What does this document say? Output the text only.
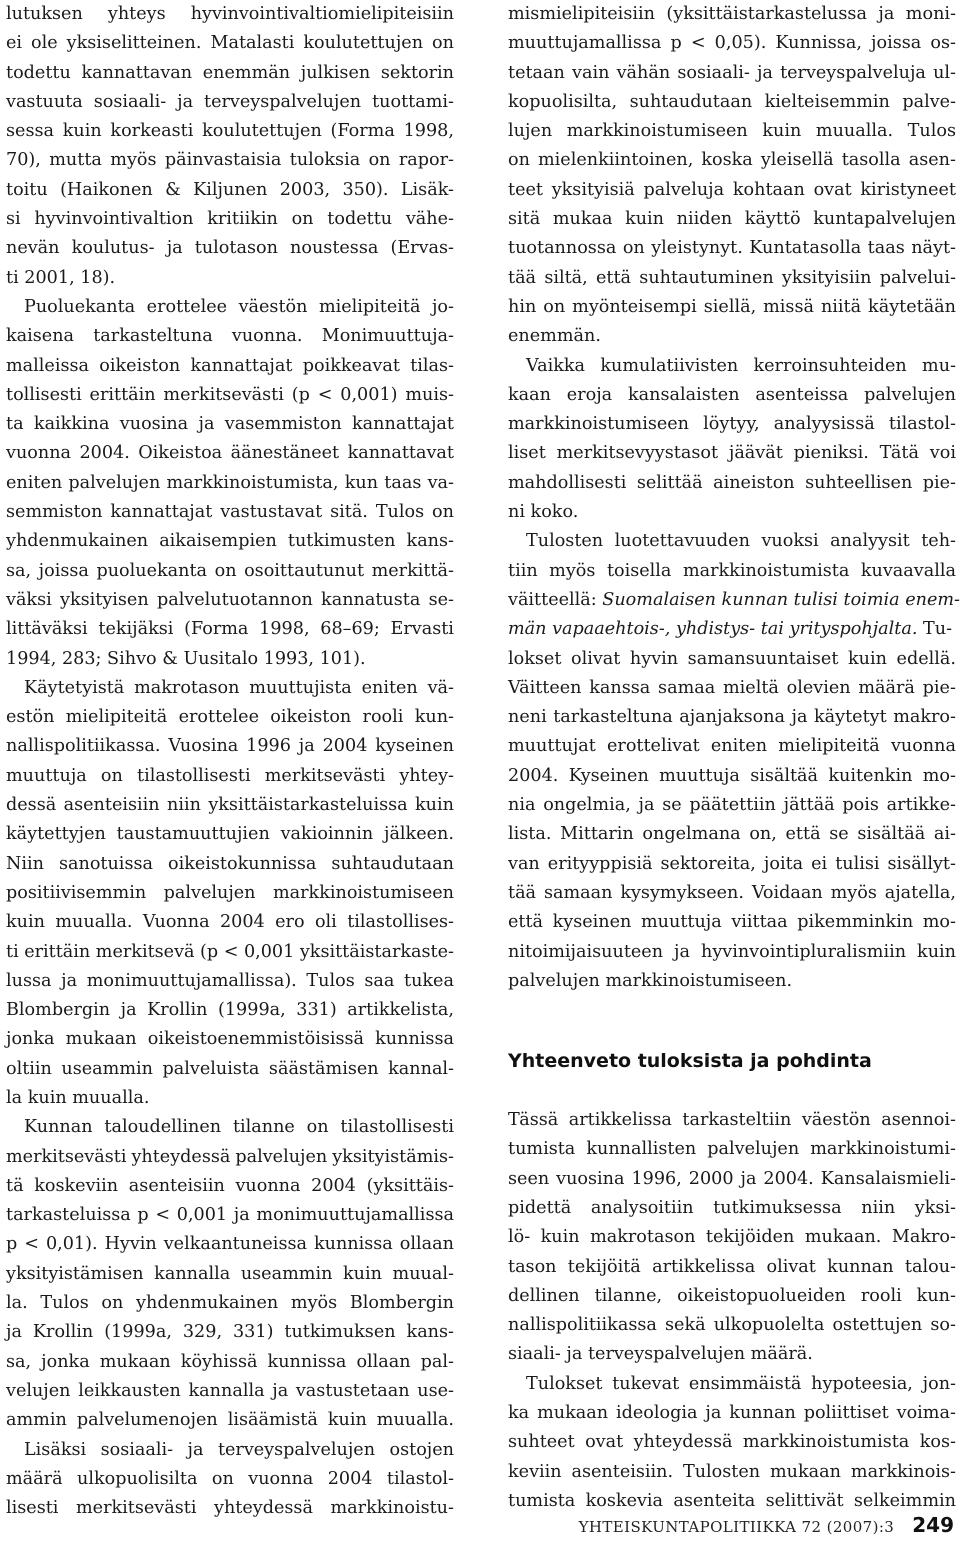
lutuksen yhteys hyvinvointivaltiomielipiteisiin
ei ole yksiselitteinen. Matalasti koulutettujen on
todettu kannattavan enemmän julkisen sektorin
vastuuta sosiaali- ja terveyspalvelujen tuottami-
sessa kuin korkeasti koulutettujen (Forma 1998,
70), mutta myös päinvastaisia tuloksia on rapor-
toitu (Haikonen & Kiljunen 2003, 350). Lisäk-
si hyvinvointivaltion kritiikin on todettu vähe-
nevän koulutus- ja tulotason noustessa (Ervas-
ti 2001, 18).
Puoluekanta erottelee väestön mielipiteitä jo-
kaisena tarkasteltuna vuonna. Monimuuttuja-
malleissa oikeiston kannattajat poikkeavat tilas-
tollisesti erittäin merkitsevästi (p < 0,001) muis-
ta kaikkina vuosina ja vasemmiston kannattajat
vuonna 2004. Oikeistoa äänestäneet kannattavat
eniten palvelujen markkinoistumista, kun taas va-
semmiston kannattajat vastustavat sitä. Tulos on
yhdenmukainen aikaisempien tutkimusten kans-
sa, joissa puoluekanta on osoittautunut merkittä-
väksi yksityisen palvelutuotannon kannatusta se-
littäväksi tekijäksi (Forma 1998, 68–69; Ervasti
1994, 283; Sihvo & Uusitalo 1993, 101).
Käytetyistä makrotason muuttujista eniten vä-
estön mielipiteitä erottelee oikeiston rooli kun-
nallispolitiikassa. Vuosina 1996 ja 2004 kyseinen
muuttuja on tilastollisesti merkitsevästi yhtey-
dessä asenteisiin niin yksittäistarkasteluissa kuin
käytettyjen taustamuuttujien vakioinnin jälkeen.
Niin sanotuissa oikeistokunnissa suhtaudutaan
positiivisemmin palvelujen markkinoistumiseen
kuin muualla. Vuonna 2004 ero oli tilastollises-
ti erittäin merkitsevä (p < 0,001 yksittäistarkaste-
lussa ja monimuuttujamallissa). Tulos saa tukea
Blombergin ja Krollin (1999a, 331) artikkelista,
jonka mukaan oikeistoenemmistöisissä kunnissa
oltiin useammin palveluista säästämisen kannal-
la kuin muualla.
Kunnan taloudellinen tilanne on tilastollisesti
merkitsevästi yhteydessä palvelujen yksityistämis-
tä koskeviin asenteisiin vuonna 2004 (yksittäis-
tarkasteluissa p < 0,001 ja monimuuttujamallissa
p < 0,01). Hyvin velkaantuneissa kunnissa ollaan
yksityistämisen kannalla useammin kuin muual-
la. Tulos on yhdenmukainen myös Blombergin
ja Krollin (1999a, 329, 331) tutkimuksen kans-
sa, jonka mukaan köyhissä kunnissa ollaan pal-
velujen leikkausten kannalla ja vastustetaan use-
ammin palvelumenojen lisäämistä kuin muualla.
Lisäksi sosiaali- ja terveyspalvelujen ostojen
määrä ulkopuolisilta on vuonna 2004 tilastol-
lisesti merkitsevästi yhteydessä markkinoistu-
mismielipiteisiin (yksittäistarkastelussa ja moni-
muuttujamallissa p < 0,05). Kunnissa, joissa os-
tetaan vain vähän sosiaali- ja terveyspalveluja ul-
kopuolisilta, suhtaudutaan kielteisemmin palve-
lujen markkinoistumiseen kuin muualla. Tulos
on mielenkiintoinen, koska yleisellä tasolla asen-
teet yksityisiä palveluja kohtaan ovat kiristyneet
sitä mukaa kuin niiden käyttö kuntapalvelujen
tuotannossa on yleistynyt. Kuntatasolla taas näyt-
tää siltä, että suhtautuminen yksityisiin palvelui-
hin on myönteisempi siellä, missä niitä käytetään
enemmän.
Vaikka kumulatiivisten kerroinsuhteiden mu-
kaan eroja kansalaisten asenteissa palvelujen
markkinoistumiseen löytyy, analyysissä tilastol-
liset merkitsevyystasot jäävät pieniksi. Tätä voi
mahdollisesti selittää aineiston suhteellisen pie-
ni koko.
Tulosten luotettavuuden vuoksi analyysit teh-
tiin myös toisella markkinoistumista kuvaavalla
väitteellä: Suomalaisen kunnan tulisi toimia enem-
män vapaaehtois-, yhdistys- tai yrityspohjalta. Tu-
lokset olivat hyvin samansuuntaiset kuin edellä.
Väitteen kanssa samaa mieltä olevien määrä pie-
neni tarkasteltuna ajanjaksona ja käytetyt makro-
muuttujat erottelivat eniten mielipiteitä vuonna
2004. Kyseinen muuttuja sisältää kuitenkin mo-
nia ongelmia, ja se päätettiin jättää pois artikke-
lista. Mittarin ongelmana on, että se sisältää ai-
van erityyppisiä sektoreita, joita ei tulisi sisällyt-
tää samaan kysymykseen. Voidaan myös ajatella,
että kyseinen muuttuja viittaa pikemminkin mo-
nitoimijaisuuteen ja hyvinvointipluralismiin kuin
palvelujen markkinoistumiseen.
Yhteenveto tuloksista ja pohdinta
Tässä artikkelissa tarkasteltiin väestön asennoi-
tumista kunnallisten palvelujen markkinoistumi-
seen vuosina 1996, 2000 ja 2004. Kansalaismieli-
pidettä analysoitiin tutkimuksessa niin yksi-
lö- kuin makrotason tekijöiden mukaan. Makro-
tason tekijöitä artikkelissa olivat kunnan talou-
dellinen tilanne, oikeistopuolueiden rooli kun-
nallispolitiikassa sekä ulkopuolelta ostettujen so-
siaali- ja terveyspalvelujen määrä.
Tulokset tukevat ensimmäistä hypoteesia, jon-
ka mukaan ideologia ja kunnan poliittiset voima-
suhteet ovat yhteydessä markkinoistumista kos-
keviin asenteisiin. Tulosten mukaan markkinois-
tumista koskevia asenteita selittivät selkeimmin
YHTEISKUNTAPOLITIIKKA 72 (2007):3 249
